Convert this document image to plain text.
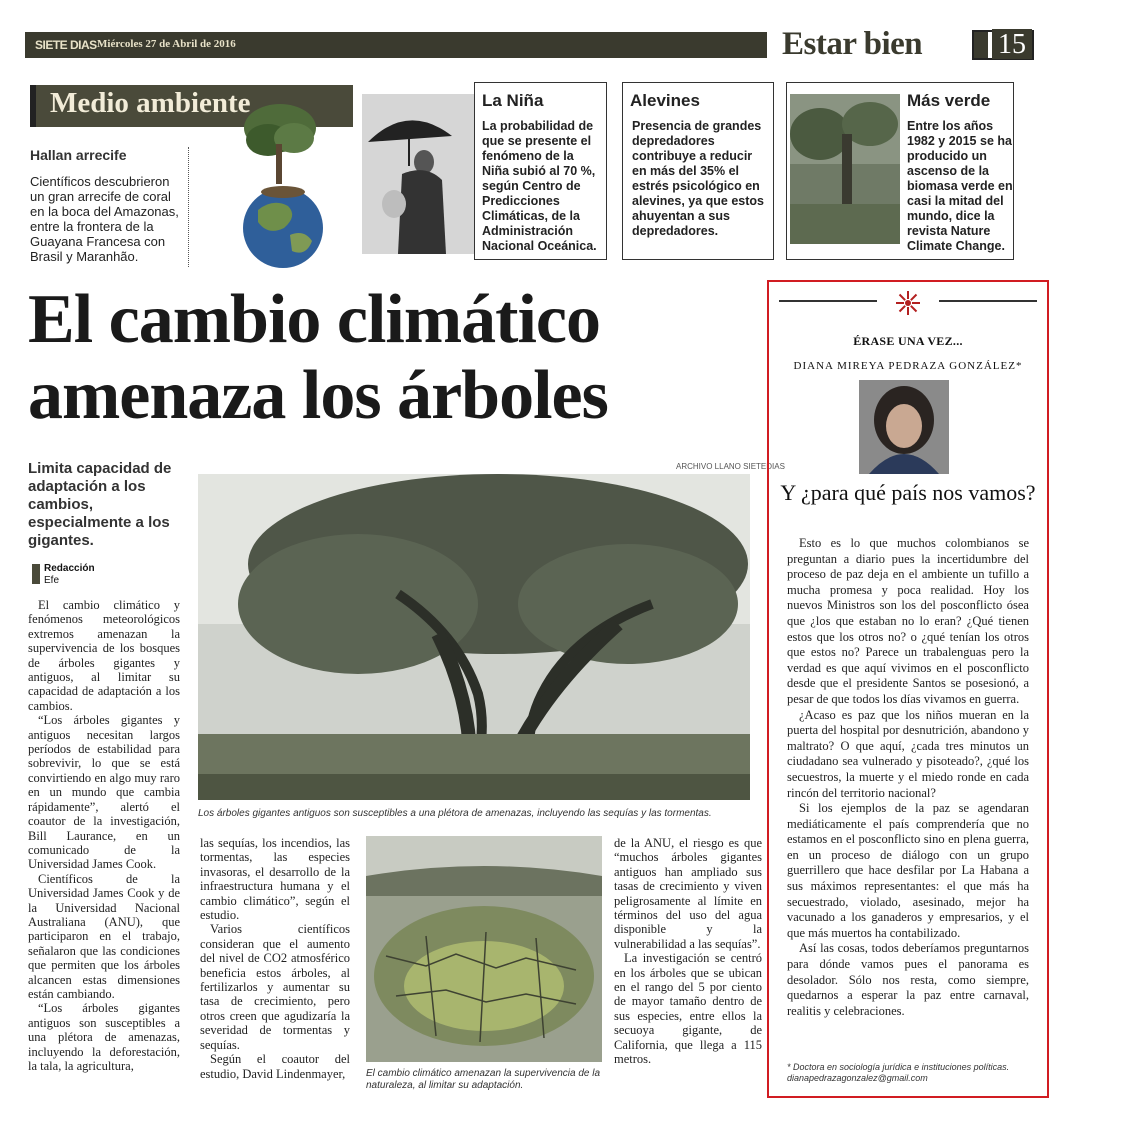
SIETE DIAS Miércoles 27 de Abril de 2016	Estar bien	15
Medio ambiente
Hallan arrecife
Científicos descubrieron un gran arrecife de coral en la boca del Amazonas, entre la frontera de la Guayana Francesa con Brasil y Maranhão.
La Niña
La probabilidad de que se presente el fenómeno de la Niña subió al 70 %, según Centro de Predicciones Climáticas, de la Administración Nacional Oceánica.
Alevines
Presencia de grandes depredadores contribuye a reducir en más del 35% el estrés psicológico en alevines, ya que estos ahuyentan a sus depredadores.
Más verde
Entre los años 1982 y 2015 se ha producido un ascenso de la biomasa verde en casi la mitad del mundo, dice la revista Nature Climate Change.
El cambio climático
amenaza los árboles
Limita capacidad de adaptación a los cambios, especialmente a los gigantes.
Redacción
Efe
ARCHIVO LLANO SIETEDIAS
Los árboles gigantes antiguos son susceptibles a una plétora de amenazas, incluyendo las sequías y las tormentas.

El cambio climático y fenómenos meteorológicos extremos amenazan la supervivencia de los bosques de árboles gigantes y antiguos, al limitar su capacidad de adaptación a los cambios.

“Los árboles gigantes y antiguos necesitan largos períodos de estabilidad para sobrevivir, lo que se está convirtiendo en algo muy raro en un mundo que cambia rápidamente”, alertó el coautor de la investigación, Bill Laurance, en un comunicado de la Universidad James Cook.

Científicos de la Universidad James Cook y de la Universidad Nacional Australiana (ANU), que participaron en el trabajo, señalaron que las condiciones que permiten que los árboles alcancen estas dimensiones están cambiando.

“Los árboles gigantes antiguos son susceptibles a una plétora de amenazas, incluyendo la deforestación, la tala, la agricultura,

las sequías, los incendios, las tormentas, las especies invasoras, el desarrollo de la infraestructura humana y el cambio climático”, según el estudio.

Varios científicos consideran que el aumento del nivel de CO2 atmosférico beneficia estos árboles, al fertilizarlos y aumentar su tasa de crecimiento, pero otros creen que agudizaría la severidad de tormentas y sequías.

Según el coautor del estudio, David Lindenmayer,	El cambio climático amenazan la supervivencia de la naturaleza, al limitar su adaptación.

de la ANU, el riesgo es que “muchos árboles gigantes antiguos han ampliado sus tasas de crecimiento y viven peligrosamente al límite en términos del uso del agua disponible y la vulnerabilidad a las sequías”.

La investigación se centró en los árboles que se ubican en el rango del 5 por ciento de mayor tamaño dentro de sus especies, entre ellos la secuoya gigante, de California, que llega a 115 metros.

ÉRASE UNA VEZ...
DIANA MIREYA PEDRAZA GONZÁLEZ*
Y ¿para qué país nos vamos?

Esto es lo que muchos colombianos se preguntan a diario pues la incertidumbre del proceso de paz deja en el ambiente un tufillo a mucha promesa y poca realidad. Hoy los nuevos Ministros son los del posconflicto ósea que ¿los que estaban no lo eran? ¿Qué tienen estos que los otros no? o ¿qué tenían los otros que estos no? Parece un trabalenguas pero la verdad es que aquí vivimos en el posconflicto desde que el presidente Santos se posesionó, a pesar de que todos los días vivamos en guerra.

¿Acaso es paz que los niños mueran en la puerta del hospital por desnutrición, abandono y maltrato? O que aquí, ¿cada tres minutos un ciudadano sea vulnerado y pisoteado?, ¿qué los secuestros, la muerte y el miedo ronde en cada rincón del territorio nacional?

Si los ejemplos de la paz se agendaran mediáticamente el país comprendería que no estamos en el posconflicto sino en plena guerra, en un proceso de diálogo con un grupo guerrillero que hace desfilar por La Habana a sus máximos representantes: el que más ha secuestrado, violado, asesinado, mejor ha vacunado a los ganaderos y empresarios, y el que más muertos ha contabilizado.

Así las cosas, todos deberíamos preguntarnos para dónde vamos pues el panorama es desolador. Sólo nos resta, como siempre, quedarnos a esperar la paz entre carnaval, realitis y celebraciones.

* Doctora en sociología jurídica e instituciones políticas.
dianapedrazagonzalez@gmail.com
